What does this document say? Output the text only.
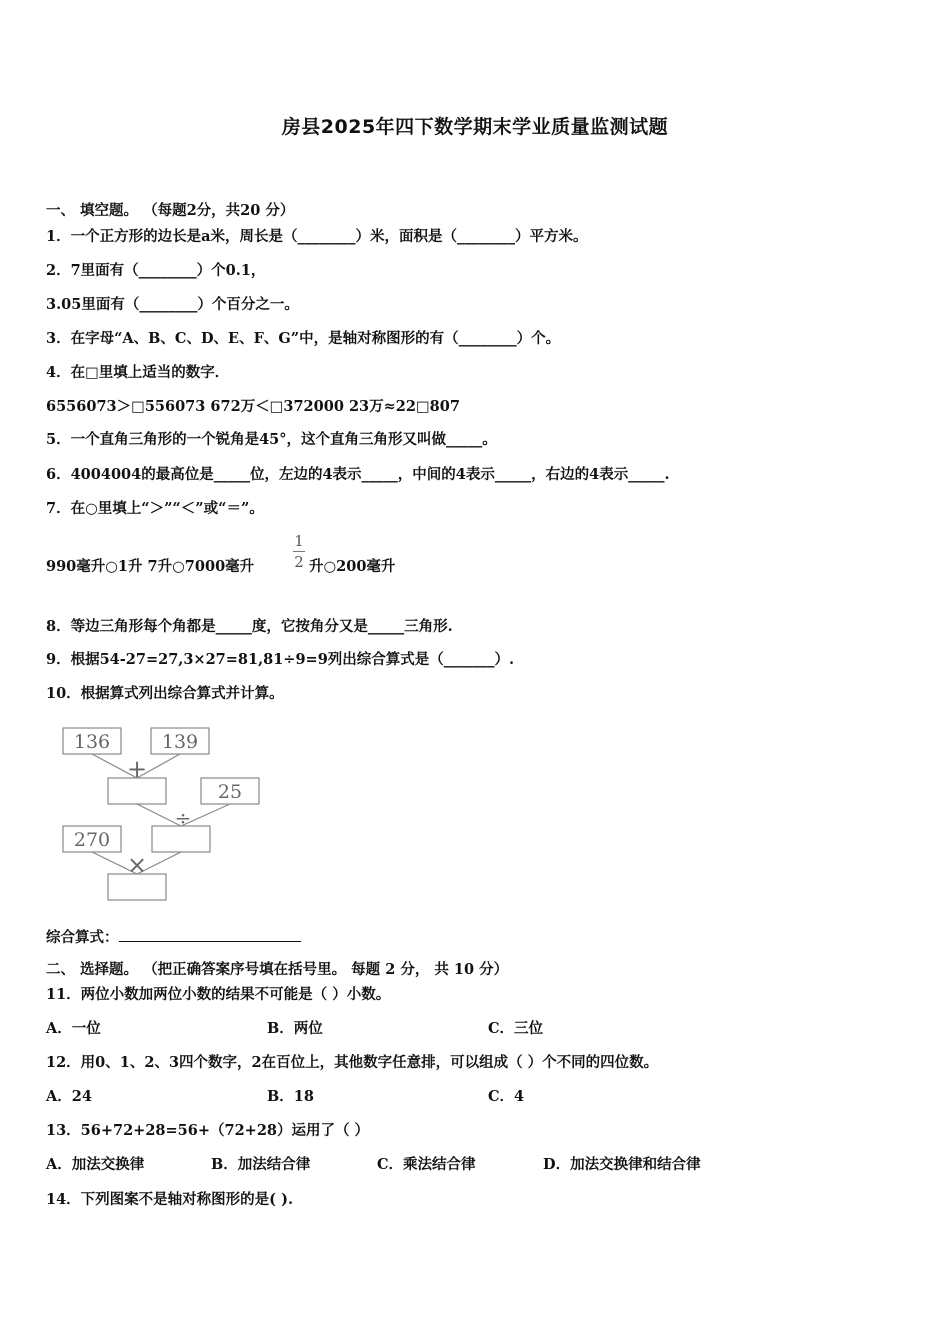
房县2025年四下数学期末学业质量监测试题
一、 填空题。 （每题2分，共20 分）
1．一个正方形的边长是a米，周长是（________）米，面积是（________）平方米。
2．7里面有（________）个0.1，
3.05里面有（________）个百分之一。
3．在字母“A、B、C、D、E、F、G”中，是轴对称图形的有（________）个。
4．在□里填上适当的数字．
6556073＞□556073 672万＜□372000 23万≈22□807
5．一个直角三角形的一个锐角是45°，这个直角三角形又叫做_____。
6．4004004的最高位是_____位，左边的4表示_____，中间的4表示_____，右边的4表示_____.
7．在○里填上“＞”“＜”或“＝”。
990毫升○1升 7升○7000毫升
1
2 升○200毫升
8．等边三角形每个角都是_____度，它按角分又是_____三角形.
9．根据54-27=27,3×27=81,81÷9=9列出综合算式是（_______）.
10．根据算式列出综合算式并计算。
136	139
+
25
÷
270
×
综合算式：
二、 选择题。 （把正确答案序号填在括号里。 每题 2 分， 共 10 分）
11．两位小数加两位小数的结果不可能是（ ）小数。
A．一位	B．两位	C．三位
12．用0、1、2、3四个数字，2在百位上，其他数字任意排，可以组成（ ）个不同的四位数。
A．24	B．18	C．4
13．56+72+28=56+（72+28）运用了（ ）
A．加法交换律	B．加法结合律	C．乘法结合律	D．加法交换律和结合律
14．下列图案不是轴对称图形的是( ).
